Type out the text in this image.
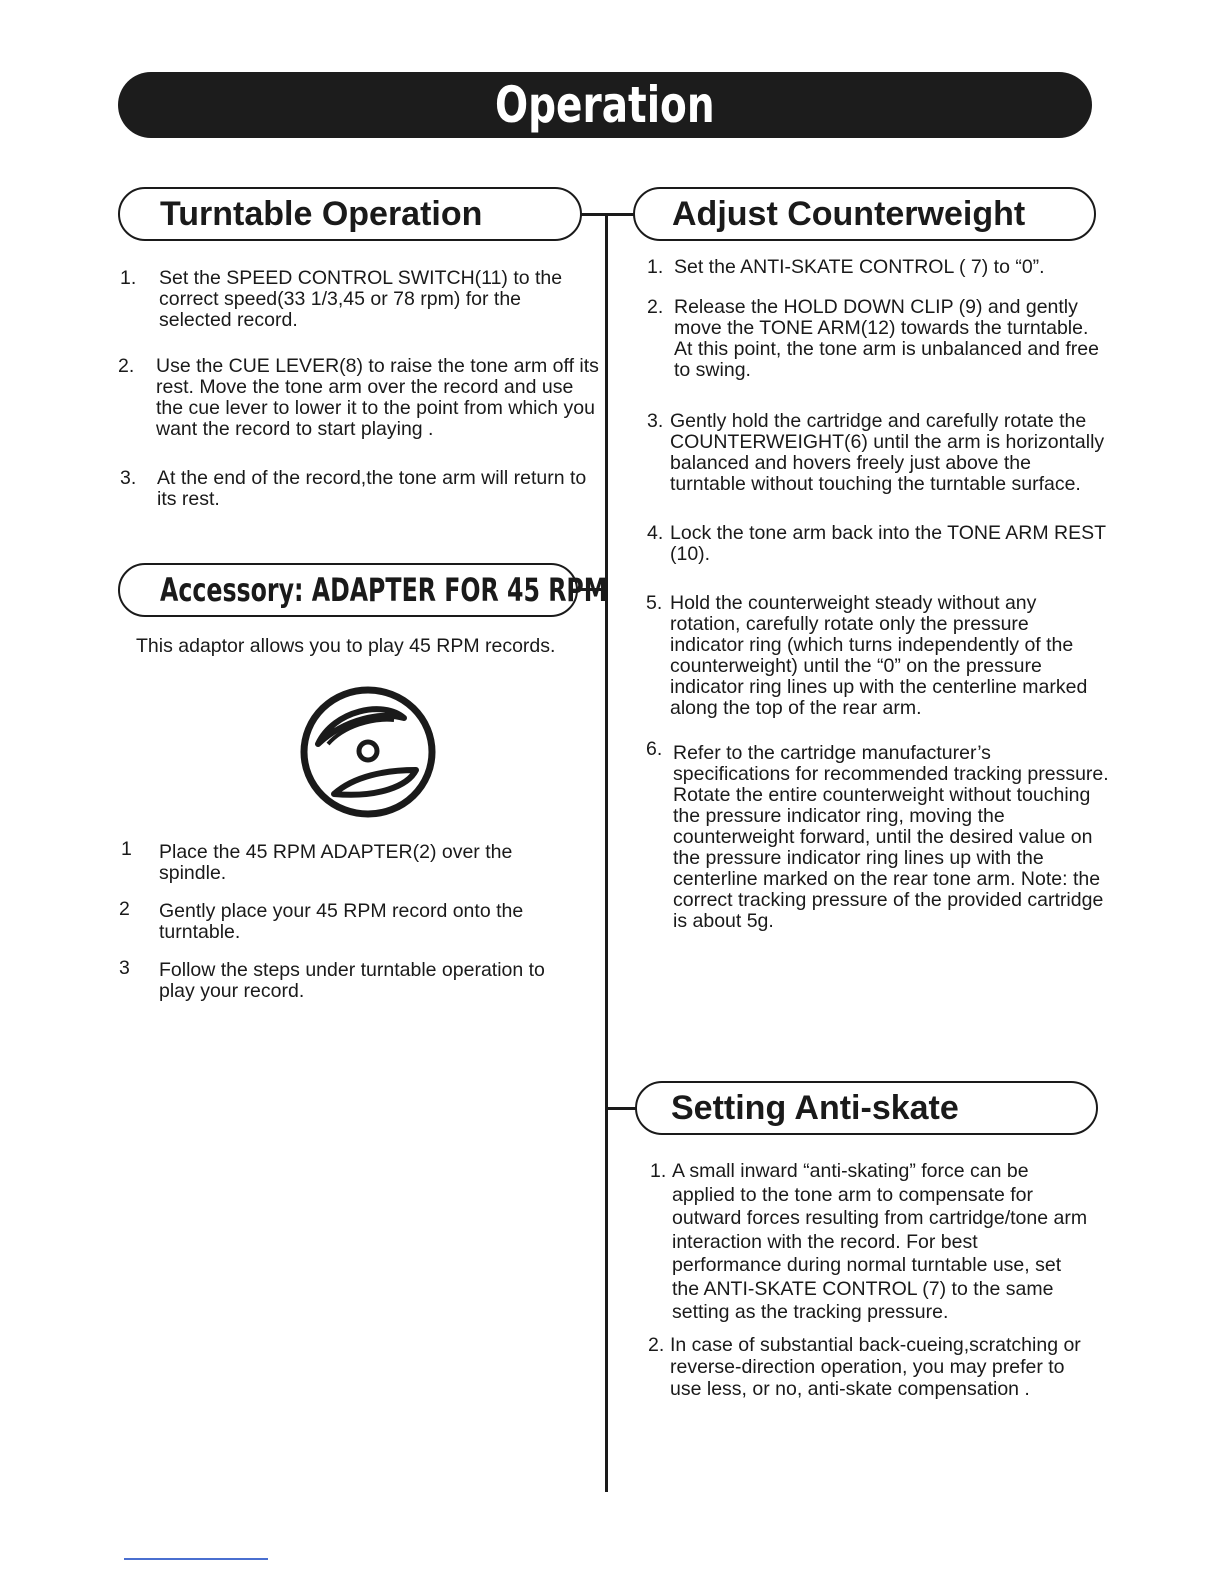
Operation
Turntable Operation
1. Set the SPEED CONTROL SWITCH(11) to the correct speed(33 1/3,45 or 78 rpm) for the selected record.
2. Use the CUE LEVER(8) to raise the tone arm off its rest. Move the tone arm over the record and use the cue lever to lower it to the point from which you want the record to start playing .
3. At the end of the record,the tone arm will return to its rest.
Accessory: ADAPTER FOR 45 RPM
This adaptor allows you to play 45 RPM records.
1 Place the 45 RPM ADAPTER(2) over the spindle.
2 Gently place your 45 RPM record onto the turntable.
3 Follow the steps under turntable operation to play your record.
Adjust Counterweight
1. Set the ANTI-SKATE CONTROL ( 7) to “0”.
2. Release the HOLD DOWN CLIP (9) and gently move the TONE ARM(12) towards the turntable. At this point, the tone arm is unbalanced and free to swing.
3. Gently hold the cartridge and carefully rotate the COUNTERWEIGHT(6) until the arm is horizontally balanced and hovers freely just above the turntable without touching the turntable surface.
4. Lock the tone arm back into the TONE ARM REST (10).
5. Hold the counterweight steady without any rotation, carefully rotate only the pressure indicator ring (which turns independently of the counterweight) until the “0” on the pressure indicator ring lines up with the centerline marked along the top of the rear arm.
6. Refer to the cartridge manufacturer’s specifications for recommended tracking pressure. Rotate the entire counterweight without touching the pressure indicator ring, moving the counterweight forward, until the desired value on the pressure indicator ring lines up with the centerline marked on the rear tone arm. Note: the correct tracking pressure of the provided cartridge is about 5g.
Setting Anti-skate
1. A small inward “anti-skating” force can be applied to the tone arm to compensate for outward forces resulting from cartridge/tone arm interaction with the record. For best performance during normal turntable use, set the ANTI-SKATE CONTROL (7) to the same setting as the tracking pressure.
2. In case of substantial back-cueing,scratching or reverse-direction operation, you may prefer to use less, or no, anti-skate compensation .
